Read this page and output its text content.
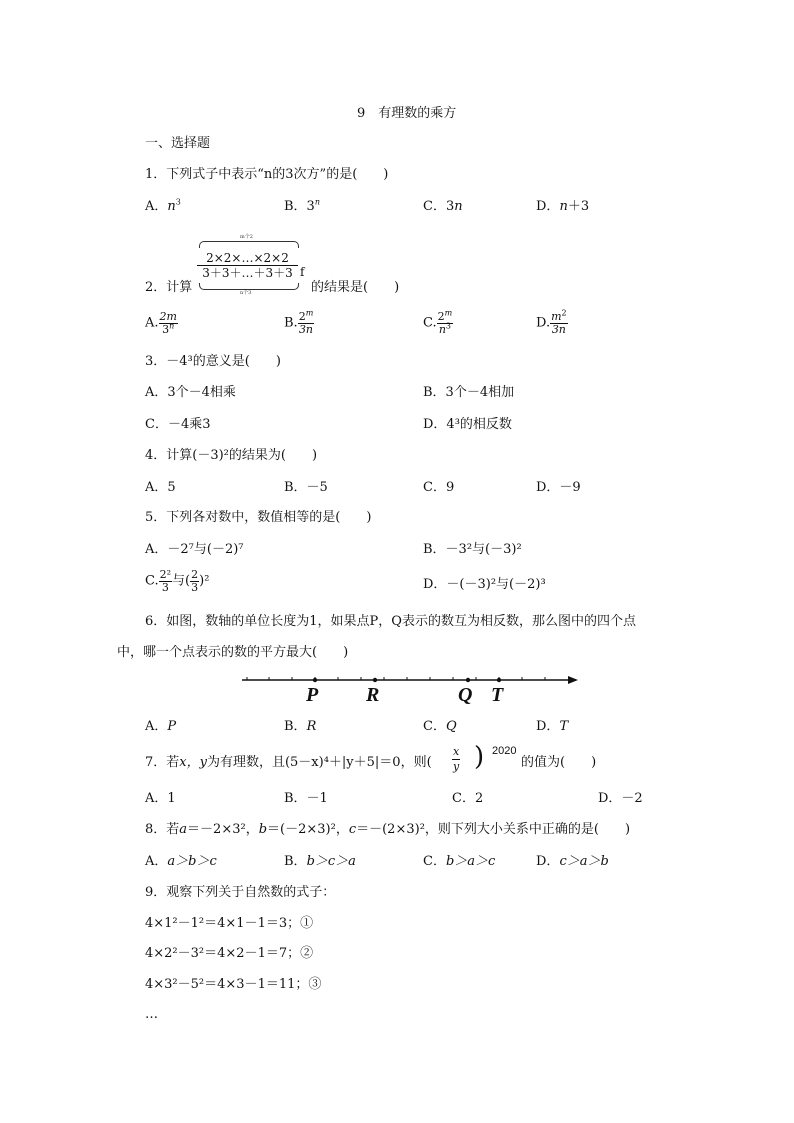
9　有理数的乘方
一、选择题
1．下列式子中表示“n的3次方”的是(　　)
A．$n^3$	B．3$^n$	C．3n	D．n＋3
2．计算
m个2
$\frac{2\times 2\times\dots\times 2\times 2}{3+3+\dots+3+3}$
n个3
f
的结果是(　　)
A. $\frac{2m}{3^n}$	B. $\frac{2^m}{3n}$	C. $\frac{2^m}{n^3}$	D. $\frac{m^2}{3n}$
3．－4³的意义是(　　)
A．3个－4相乘	B．3个－4相加
C．－4乘3	D．4³的相反数
4．计算(－3)²的结果为(　　)
A．5	B．－5	C．9	D．－9
5．下列各对数中，数值相等的是(　　)
A．－2⁷与(－2)⁷	B．－3²与(－3)²
C. $\frac{\text{2²}}{3}$ 与( $\frac{2}{3} )^2$	D．－(－3)²与(－2)³
6．如图，数轴的单位长度为1，如果点P，Q表示的数互为相反数，那么图中的四个点
中，哪一个点表示的数的平方最大(　　)
P R	Q T
A．P	B．R	C．Q	D．T
7．若x，y为有理数，且(5－x)⁴＋|y＋5|＝0，则(
x
y ) 2020
的值为(　　)
A．1	B．－1	C．2	D．－2
8．若a＝－2×3²，b＝(－2×3)²，c＝－(2×3)²，则下列大小关系中正确的是(　　)
A．a＞b＞c	B．b＞c＞a	C．b＞a＞c	D．c＞a＞b
9．观察下列关于自然数的式子：
4×1²－1²＝4×1－1＝3；①
4×2²－3²＝4×2－1＝7；②
4×3²－5²＝4×3－1＝11；③
…
